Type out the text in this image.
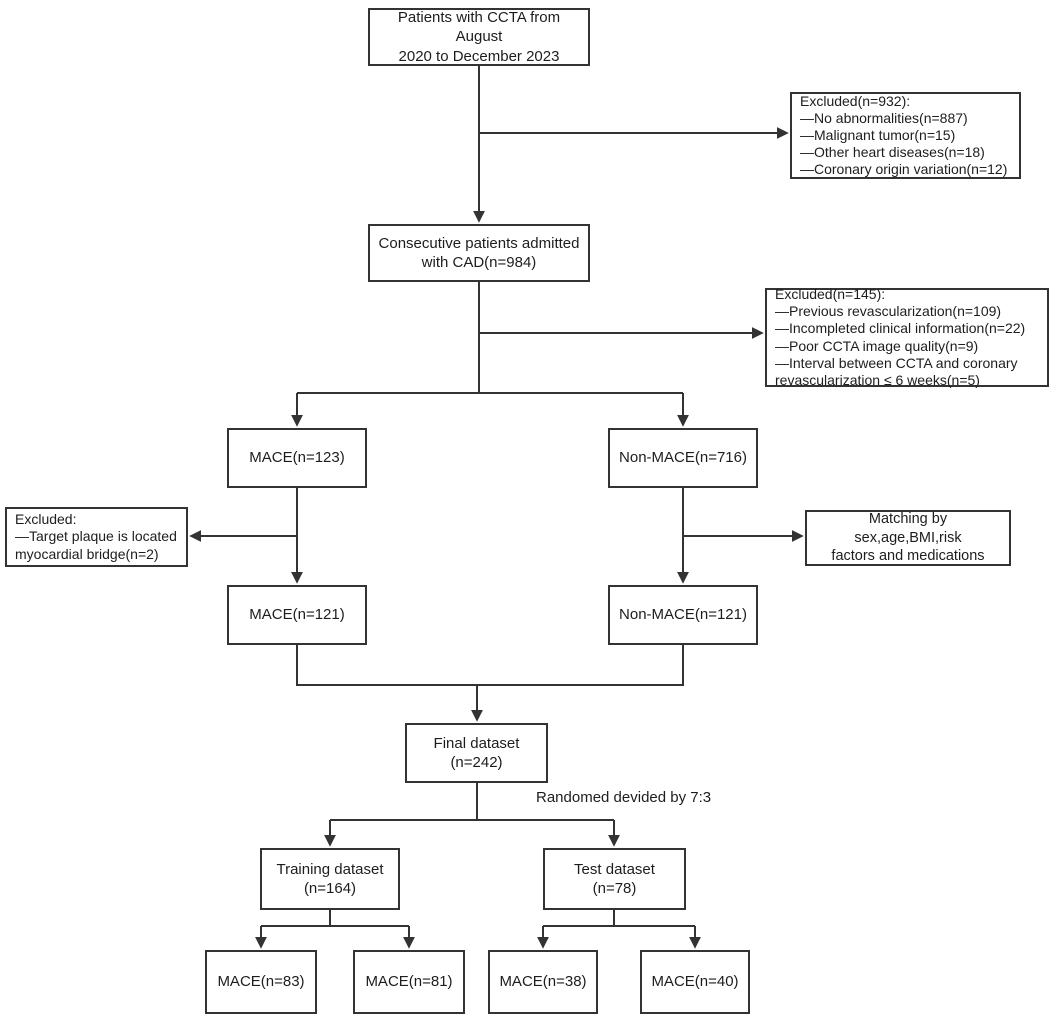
Patients with CCTA from August
2020 to December 2023
Excluded(n=932):
—No abnormalities(n=887)
—Malignant tumor(n=15)
—Other heart diseases(n=18)
—Coronary origin variation(n=12)
Consecutive patients admitted
with CAD(n=984)
Excluded(n=145):
—Previous revascularization(n=109)
—Incompleted clinical information(n=22)
—Poor CCTA image quality(n=9)
—Interval between CCTA and coronary
revascularization ≤ 6 weeks(n=5)
MACE(n=123)	Non-MACE(n=716)
Excluded:
—Target plaque is located
myocardial bridge(n=2)
Matching by  sex,age,BMI,risk
factors and medications
MACE(n=121)	Non-MACE(n=121)
Final dataset
(n=242)
Randomed devided by 7:3
Training dataset
(n=164)
Test dataset
(n=78)
MACE(n=83)	MACE(n=81)	MACE(n=38)	MACE(n=40)
